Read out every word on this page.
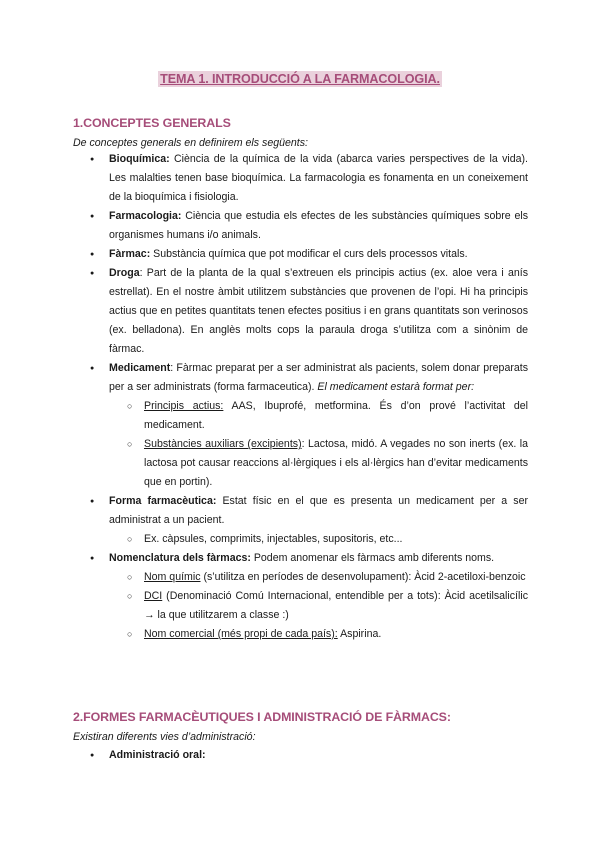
TEMA 1. INTRODUCCIÓ A LA FARMACOLOGIA.
1.CONCEPTES GENERALS
De conceptes generals en definirem els següents:
● Bioquímica: Ciència de la química de la vida (abarca varies perspectives de la vida). Les malalties tenen base bioquímica. La farmacologia es fonamenta en un coneixement de la bioquímica i fisiologia.
● Farmacologia: Ciència que estudia els efectes de les substàncies químiques sobre els organismes humans i/o animals.
● Fàrmac: Substància química que pot modificar el curs dels processos vitals.
● Droga: Part de la planta de la qual s’extreuen els principis actius (ex. aloe vera i anís estrellat). En el nostre àmbit utilitzem substàncies que provenen de l’opi. Hi ha principis actius que en petites quantitats tenen efectes positius i en grans quantitats son verinosos (ex. belladona). En anglès molts cops la paraula droga s’utilitza com a sinònim de fàrmac.
● Medicament: Fàrmac preparat per a ser administrat als pacients, solem donar preparats per a ser administrats (forma farmaceutica). El medicament estarà format per:
○ Principis actius: AAS, Ibuprofé, metformina. És d’on prové l’activitat del medicament.
○ Substàncies auxiliars (excipients): Lactosa, midó. A vegades no son inerts (ex. la lactosa pot causar reaccions al·lèrgiques i els al·lèrgics han d’evitar medicaments que en portin).
● Forma farmacèutica: Estat físic en el que es presenta un medicament per a ser administrat a un pacient.
○ Ex. càpsules, comprimits, injectables, supositoris, etc...
● Nomenclatura dels fàrmacs: Podem anomenar els fàrmacs amb diferents noms.
○ Nom químic (s’utilitza en períodes de desenvolupament): Àcid 2-acetiloxi-benzoic
○ DCI (Denominació Comú Internacional, entendible per a tots): Àcid acetilsalicílic → la que utilitzarem a classe :)
○ Nom comercial (més propi de cada país): Aspirina.
2.FORMES FARMACÈUTIQUES I ADMINISTRACIÓ DE FÀRMACS:
Existiran diferents vies d’administració:
● Administració oral:
